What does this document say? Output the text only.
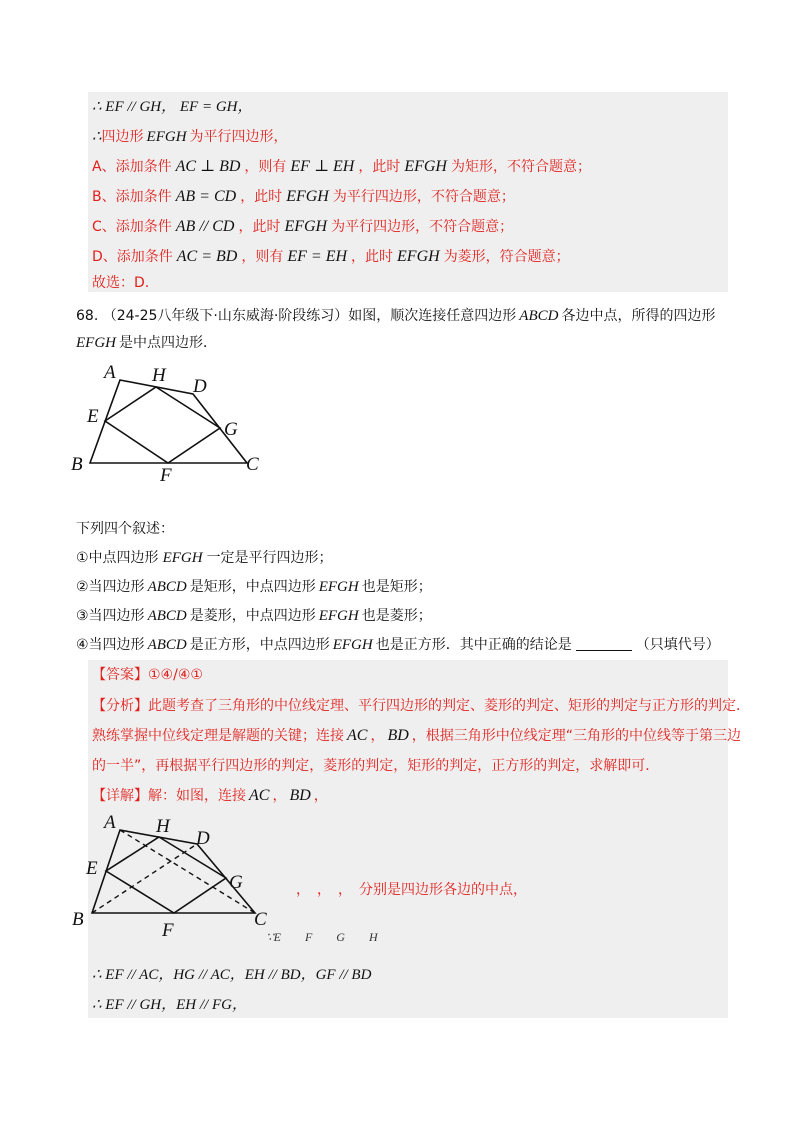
∴ EF // GH， EF = GH，
∴四边形 EFGH 为平行四边形，
A、添加条件 AC ⊥ BD ，则有 EF ⊥ EH ，此时 EFGH 为矩形，不符合题意；
B、添加条件 AB = CD ，此时 EFGH 为平行四边形，不符合题意；
C、添加条件 AB // CD ，此时 EFGH 为平行四边形，不符合题意；
D、添加条件 AC = BD ，则有 EF = EH ，此时 EFGH 为菱形，符合题意；
故选：D.
68. （24-25八年级下·山东威海·阶段练习）如图，顺次连接任意四边形 ABCD 各边中点，所得的四边形
EFGH 是中点四边形．
A H
D
E
G
B
F
C
下列四个叙述：
①中点四边形 EFGH 一定是平行四边形；
②当四边形 ABCD 是矩形，中点四边形 EFGH 也是矩形；
③当四边形 ABCD 是菱形，中点四边形 EFGH 也是菱形；
④当四边形 ABCD 是正方形，中点四边形 EFGH 也是正方形．其中正确的结论是	（只填代号）
【答案】①④/④①
【分析】此题考查了三角形的中位线定理、平行四边形的判定、菱形的判定、矩形的判定与正方形的判定．
熟练掌握中位线定理是解题的关键；连接 AC ， BD ，根据三角形中位线定理“三角形的中位线等于第三边
的一半”，再根据平行四边形的判定，菱形的判定，矩形的判定，正方形的判定，求解即可．
【详解】解：如图，连接 AC ， BD ，
A H
D
E
G
B
F
C
，　，　，　分别是四边形各边的中点，
∵E　　F　　G　　H
∴ EF // AC，HG // AC，EH // BD，GF // BD
∴ EF // GH，EH // FG，
